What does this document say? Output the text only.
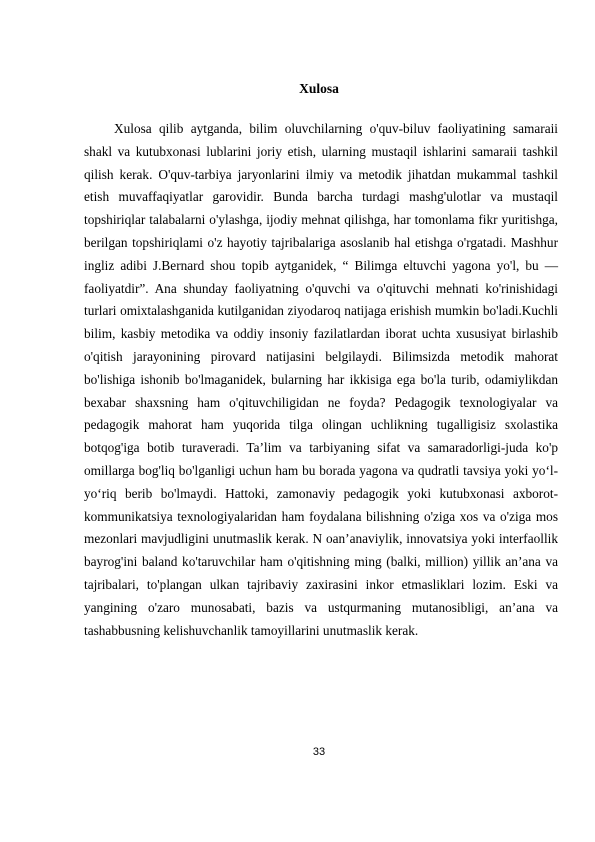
Xulosa

Xulosa qilib aytganda, bilim oluvchilarning o'quv-biluv faoliyatining samaraii shakl va kutubxonasi lublarini joriy etish, ularning mustaqil ishlarini samaraii tashkil qilish kerak. O'quv-tarbiya jaryonlarini ilmiy va metodik jihatdan mukammal tashkil etish muvaffaqiyatlar garovidir. Bunda barcha turdagi mashg'ulotlar va mustaqil topshiriqlar talabalarni o'ylashga, ijodiy mehnat qilishga, har tomonlama fikr yuritishga, berilgan topshiriqlami o'z hayotiy tajribalariga asoslanib hal etishga o'rgatadi. Mashhur ingliz adibi J.Bernard shou topib aytganidek, “ Bilimga eltuvchi yagona yo'l, bu — faoliyatdir”. Ana shunday faoliyatning o'quvchi va o'qituvchi mehnati ko'rinishidagi turlari omixtalashganida kutilganidan ziyodaroq natijaga erishish mumkin bo'ladi.Kuchli bilim, kasbiy metodika va oddiy insoniy fazilatlardan iborat uchta xususiyat birlashib o'qitish jarayonining pirovard natijasini belgilaydi. Bilimsizda metodik mahorat bo'lishiga ishonib bo'lmaganidek, bularning har ikkisiga ega bo'la turib, odamiylikdan bexabar shaxsning ham o'qituvchiligidan ne foyda? Pedagogik texnologiyalar va pedagogik mahorat ham yuqorida tilga olingan uchlikning tugalligisiz sxolastika botqog'iga botib turaveradi. Ta’lim va tarbiyaning sifat va samaradorligi-juda ko'p omillarga bog'liq bo'lganligi uchun ham bu borada yagona va qudratli tavsiya yoki yo‘l-yo‘riq berib bo'lmaydi. Hattoki, zamonaviy pedagogik yoki kutubxonasi axborot-kommunikatsiya texnologiyalaridan ham foydalana bilishning o'ziga xos va o'ziga mos mezonlari mavjudligini unutmaslik kerak. N oan’anaviylik, innovatsiya yoki interfaollik bayrog'ini baland ko'taruvchilar ham o'qitishning ming (balki, million) yillik an’ana va tajribalari, to'plangan ulkan tajribaviy zaxirasini inkor etmasliklari lozim. Eski va yangining o'zaro munosabati, bazis va ustqurmaning mutanosibligi, an’ana va tashabbusning kelishuvchanlik tamoyillarini unutmaslik kerak.

33
